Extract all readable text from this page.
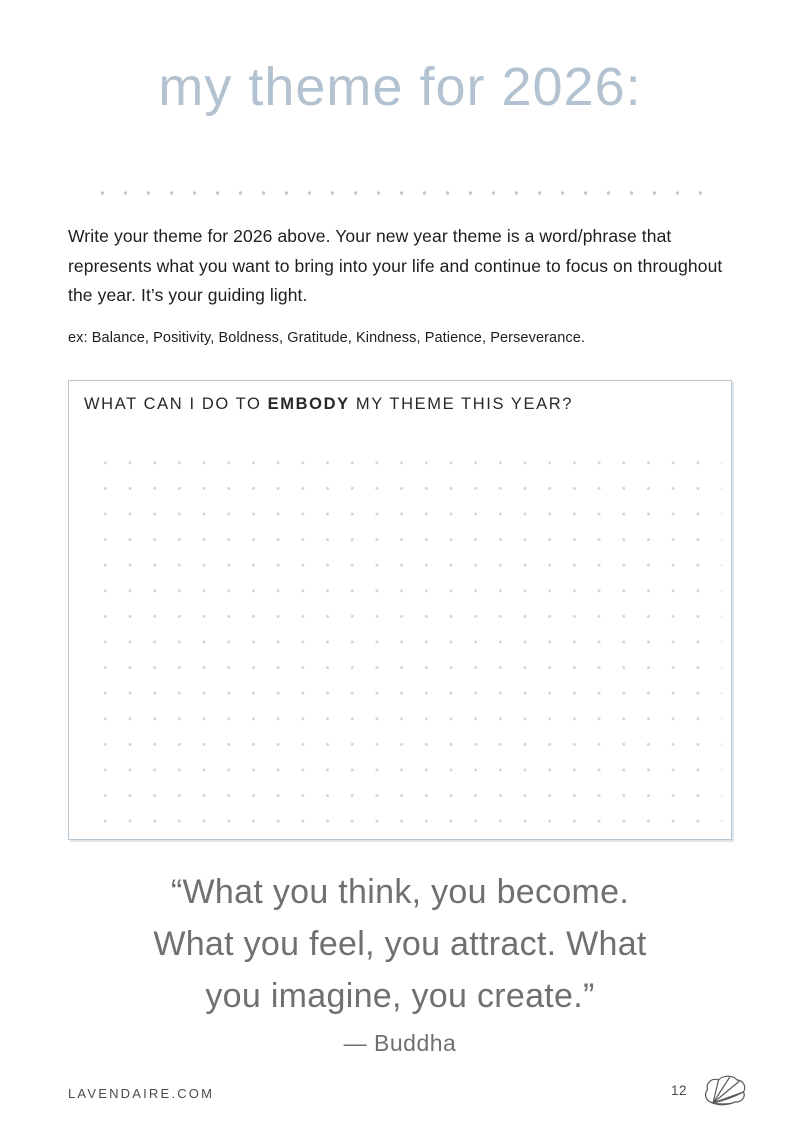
my theme for 2026:
Write your theme for 2026 above. Your new year theme is a word/phrase that
represents what you want to bring into your life and continue to focus on throughout
the year. It’s your guiding light.
ex: Balance, Positivity, Boldness, Gratitude, Kindness, Patience, Perseverance.
WHAT CAN I DO TO EMBODY MY THEME THIS YEAR?
“What you think, you become.
What you feel, you attract. What
you imagine, you create.”
— Buddha
LAVENDAIRE.COM	12
